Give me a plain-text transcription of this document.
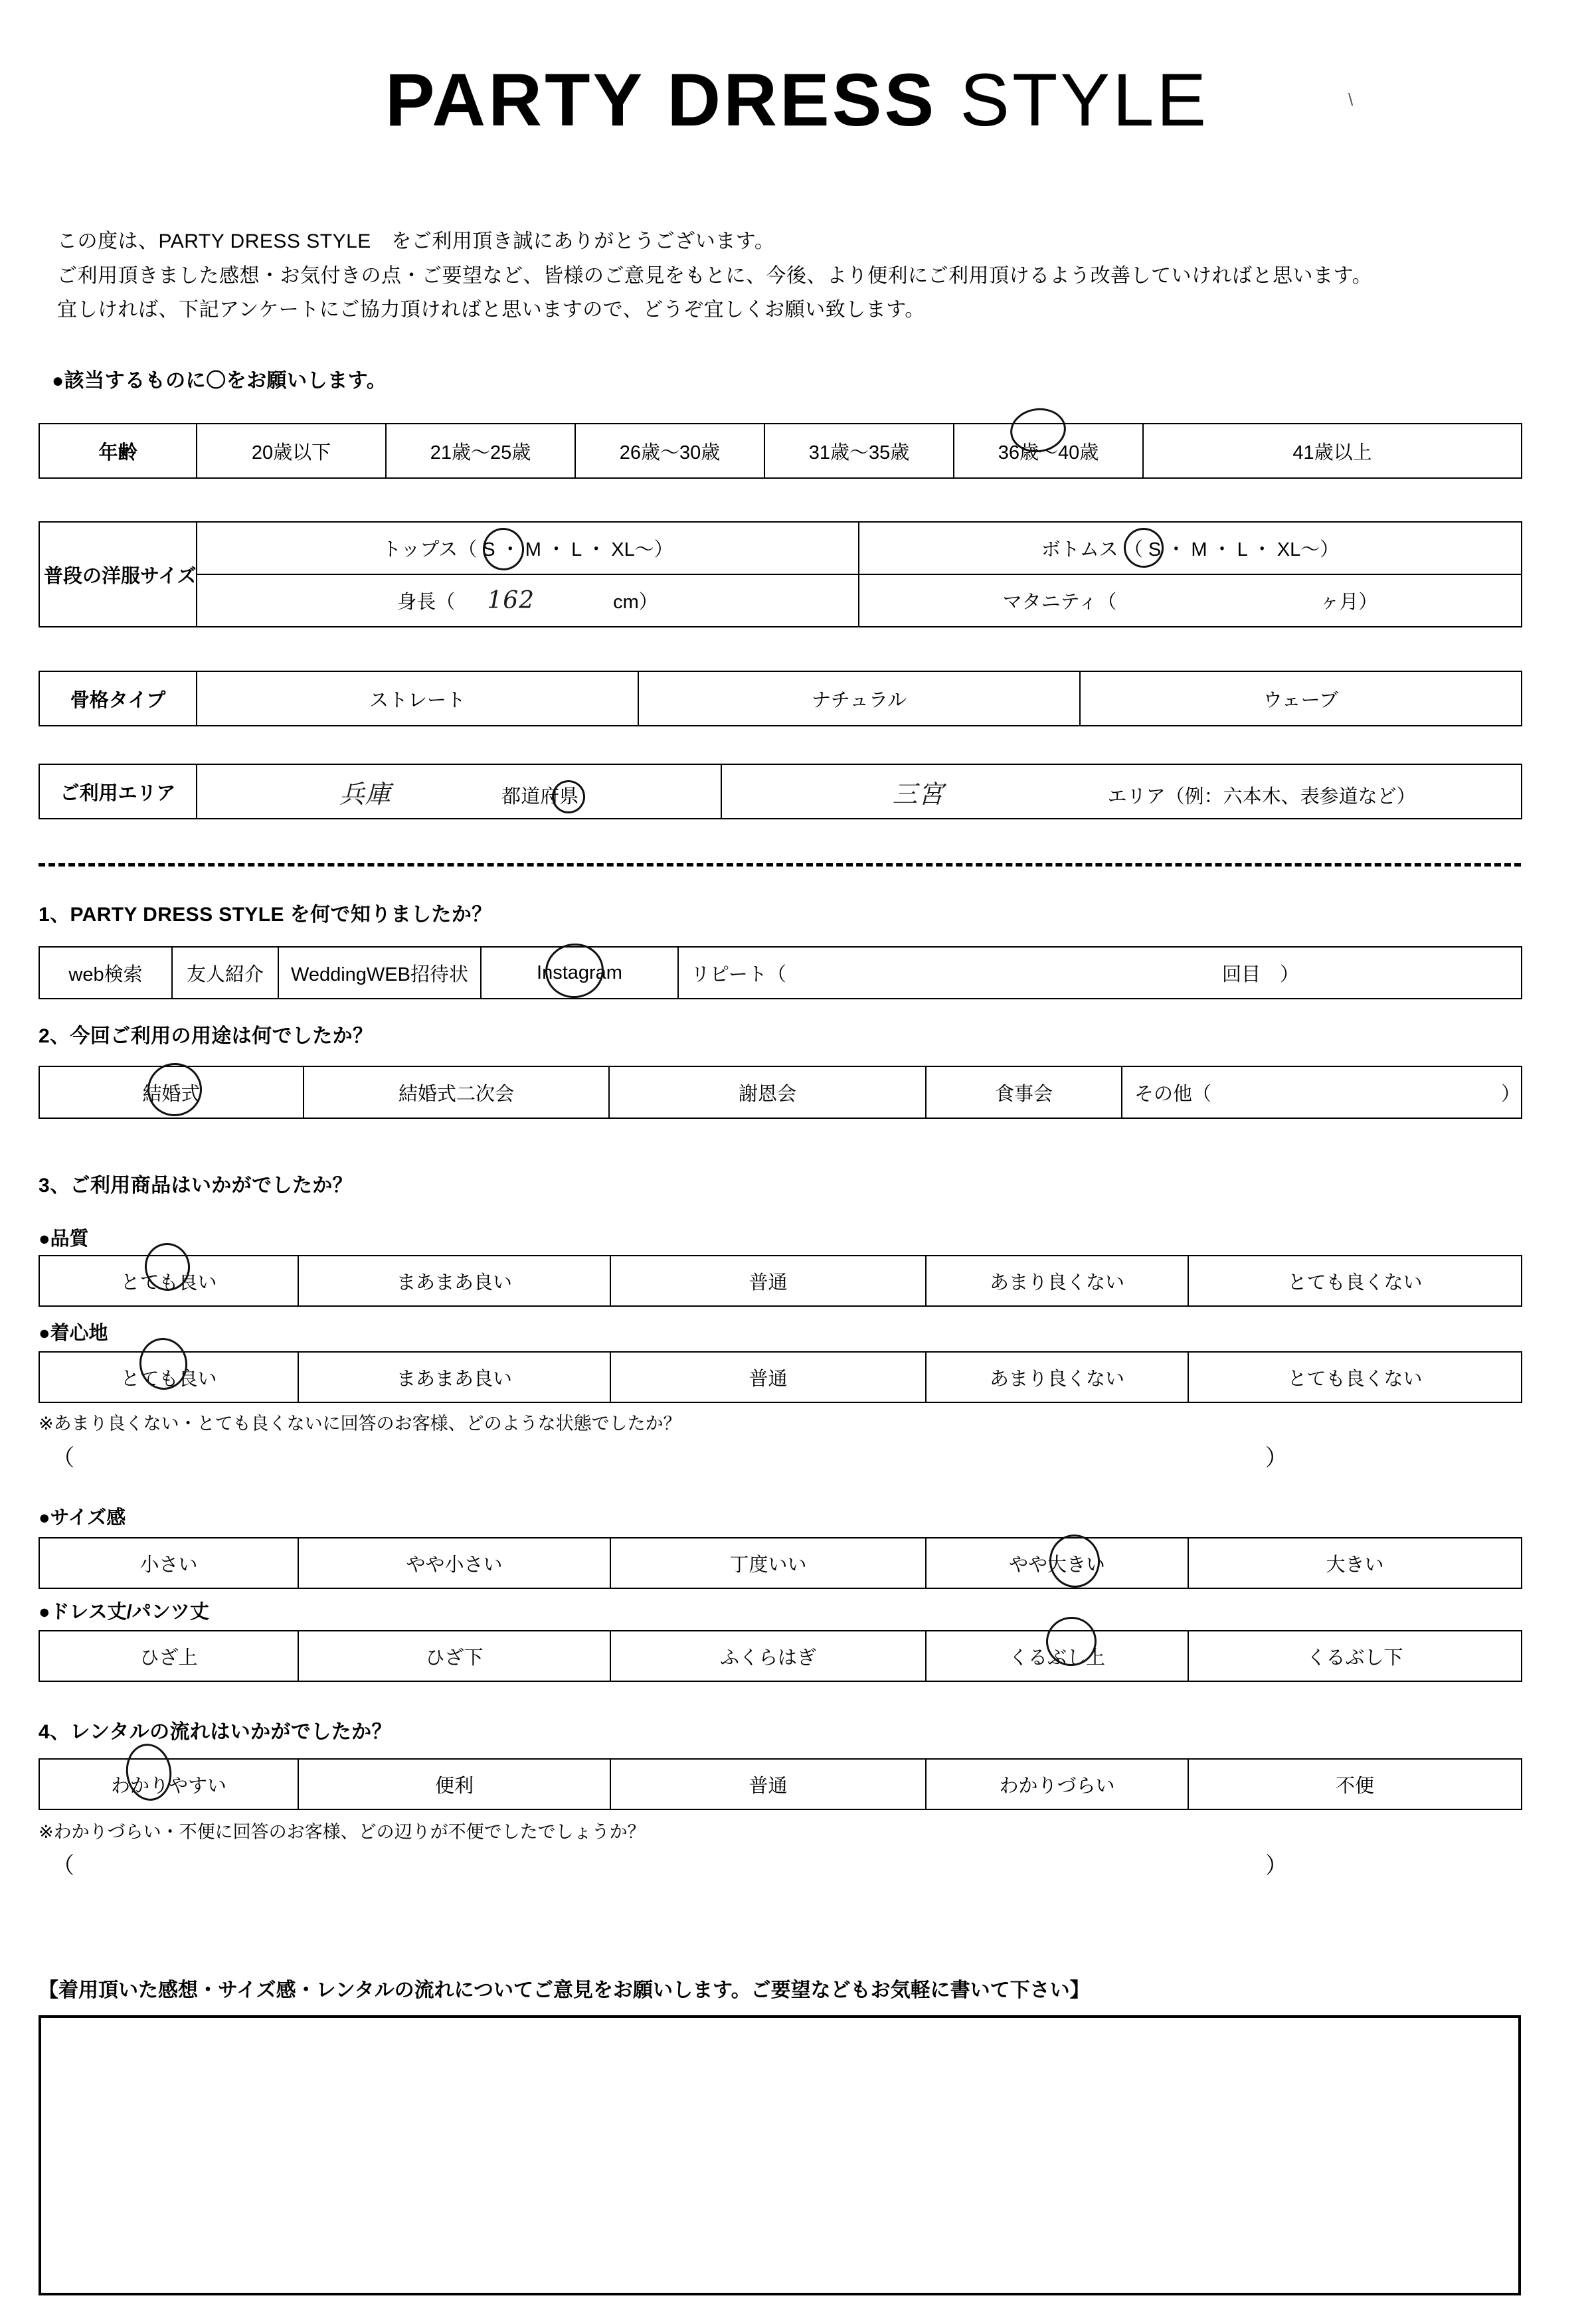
PARTY DRESS STYLE	\
この度は、PARTY DRESS STYLE　をご利用頂き誠にありがとうございます。
ご利用頂きました感想・お気付きの点・ご要望など、皆様のご意見をもとに、今後、より便利にご利用頂けるよう改善していければと思います。
宜しければ、下記アンケートにご協力頂ければと思いますので、どうぞ宜しくお願い致します。
●該当するものに〇をお願いします。
年齢	20歳以下	21歳～25歳	26歳～30歳	31歳～35歳	36歳～40歳	41歳以上
普段の洋服サイズ	トップス（ S ・ M ・ L ・ XL～）	ボトムス （ S ・ M ・ L ・ XL～）

	身長（ 162 cm）	マタニティ（ ヶ月）
骨格タイプ	ストレート	ナチュラル	ウェーブ
ご利用エリア	兵庫	都道府県	三宮	エリア（例：六本木、表参道など）
1、PARTY DRESS STYLE を何で知りましたか？
web検索	友人紹介	WeddingWEB招待状	Instagram	リピート（	回目　）
2、今回ご利用の用途は何でしたか？
結婚式	結婚式二次会	謝恩会	食事会	その他（	）
3、ご利用商品はいかがでしたか？
●品質
とても良い	まあまあ良い	普通	あまり良くない	とても良くない
●着心地
とても良い	まあまあ良い	普通	あまり良くない	とても良くない
※あまり良くない・とても良くないに回答のお客様、どのような状態でしたか？
（	）
●サイズ感
小さい	やや小さい	丁度いい	やや大きい	大きい
●ドレス丈/パンツ丈
ひざ上	ひざ下	ふくらはぎ	くるぶし上	くるぶし下
4、レンタルの流れはいかがでしたか？
わかりやすい	便利	普通	わかりづらい	不便
※わかりづらい・不便に回答のお客様、どの辺りが不便でしたでしょうか？
（	）
【着用頂いた感想・サイズ感・レンタルの流れについてご意見をお願いします。ご要望などもお気軽に書いて下さい】
